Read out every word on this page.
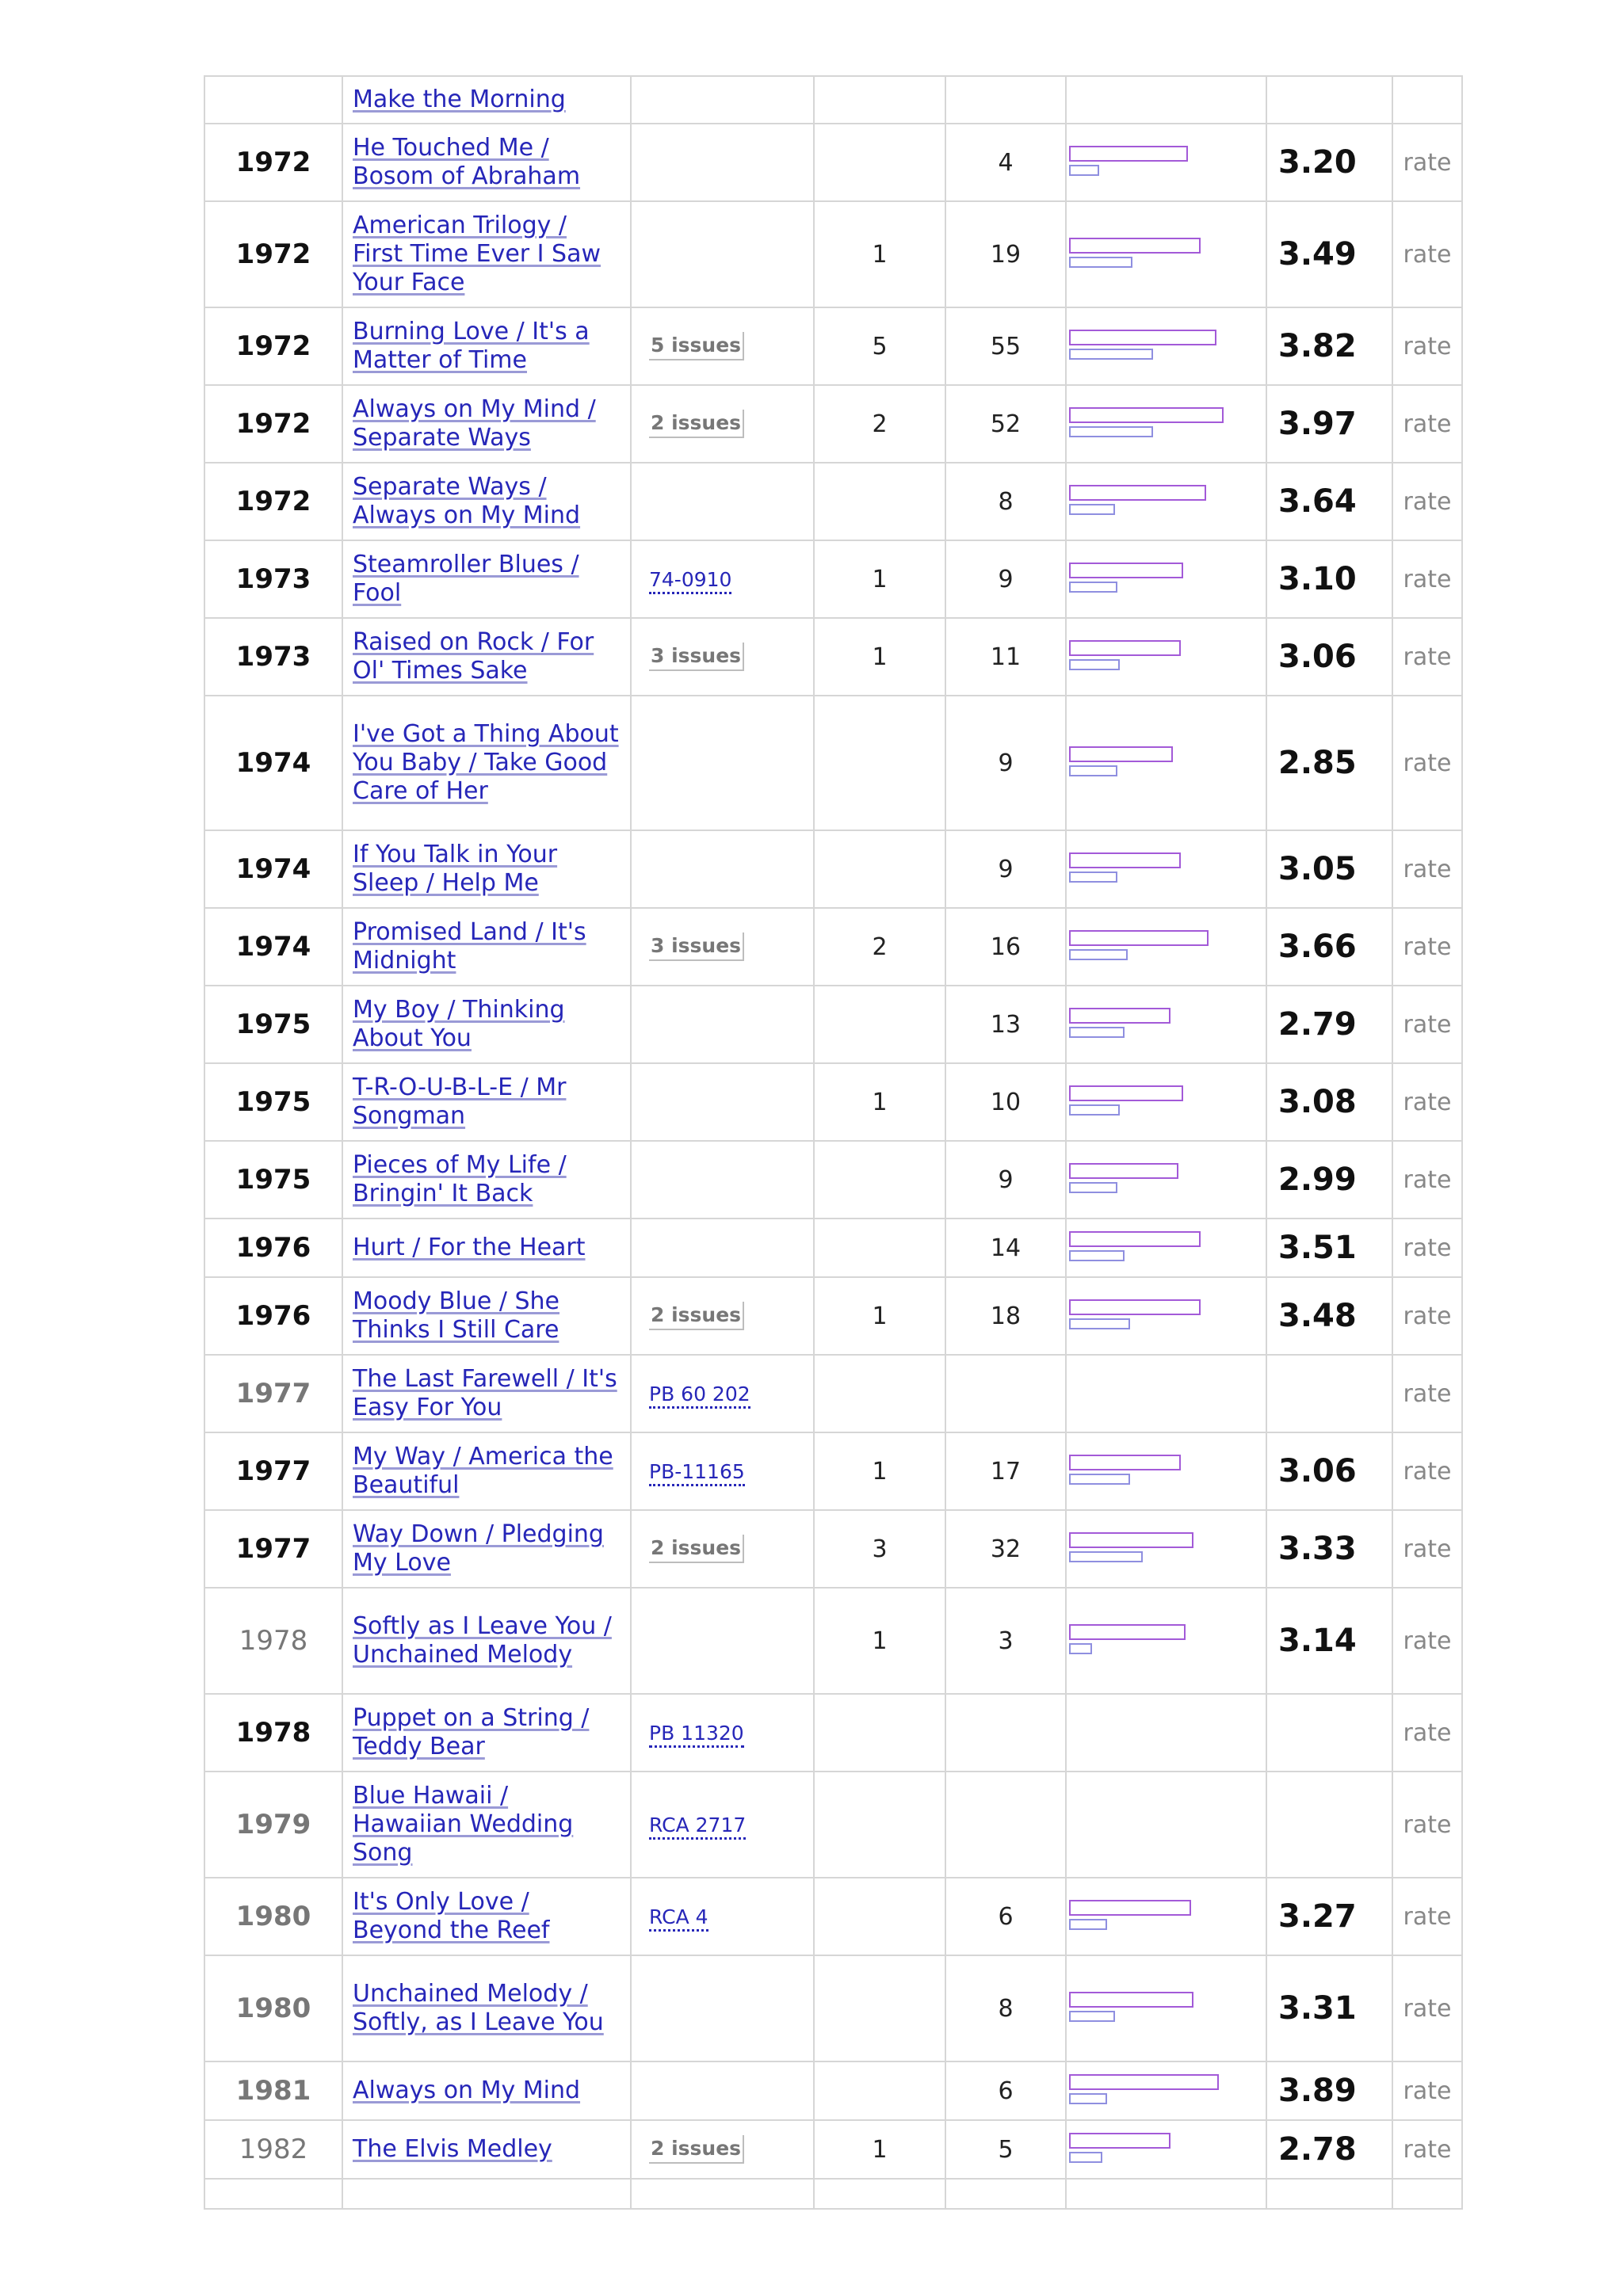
	Make the Morning						
1972	He Touched Me / Bosom of Abraham			4		3.20	rate
1972	American Trilogy / First Time Ever I Saw Your Face		1	19		3.49	rate
1972	Burning Love / It's a Matter of Time	5 issues	5	55		3.82	rate
1972	Always on My Mind / Separate Ways	2 issues	2	52		3.97	rate
1972	Separate Ways / Always on My Mind			8		3.64	rate
1973	Steamroller Blues / Fool	74-0910	1	9		3.10	rate
1973	Raised on Rock / For Ol' Times Sake	3 issues	1	11		3.06	rate
1974	I've Got a Thing About You Baby / Take Good Care of Her			9		2.85	rate
1974	If You Talk in Your Sleep / Help Me			9		3.05	rate
1974	Promised Land / It's Midnight	3 issues	2	16		3.66	rate
1975	My Boy / Thinking About You			13		2.79	rate
1975	T-R-O-U-B-L-E / Mr Songman		1	10		3.08	rate
1975	Pieces of My Life / Bringin' It Back			9		2.99	rate
1976	Hurt / For the Heart			14		3.51	rate
1976	Moody Blue / She Thinks I Still Care	2 issues	1	18		3.48	rate
1977	The Last Farewell / It's Easy For You	PB 60 202					rate
1977	My Way / America the Beautiful	PB-11165	1	17		3.06	rate
1977	Way Down / Pledging My Love	2 issues	3	32		3.33	rate
1978	Softly as I Leave You / Unchained Melody		1	3		3.14	rate
1978	Puppet on a String / Teddy Bear	PB 11320					rate
1979	Blue Hawaii / Hawaiian Wedding Song	RCA 2717					rate
1980	It's Only Love / Beyond the Reef	RCA 4		6		3.27	rate
1980	Unchained Melody / Softly, as I Leave You			8		3.31	rate
1981	Always on My Mind			6		3.89	rate
1982	The Elvis Medley	2 issues	1	5		2.78	rate
